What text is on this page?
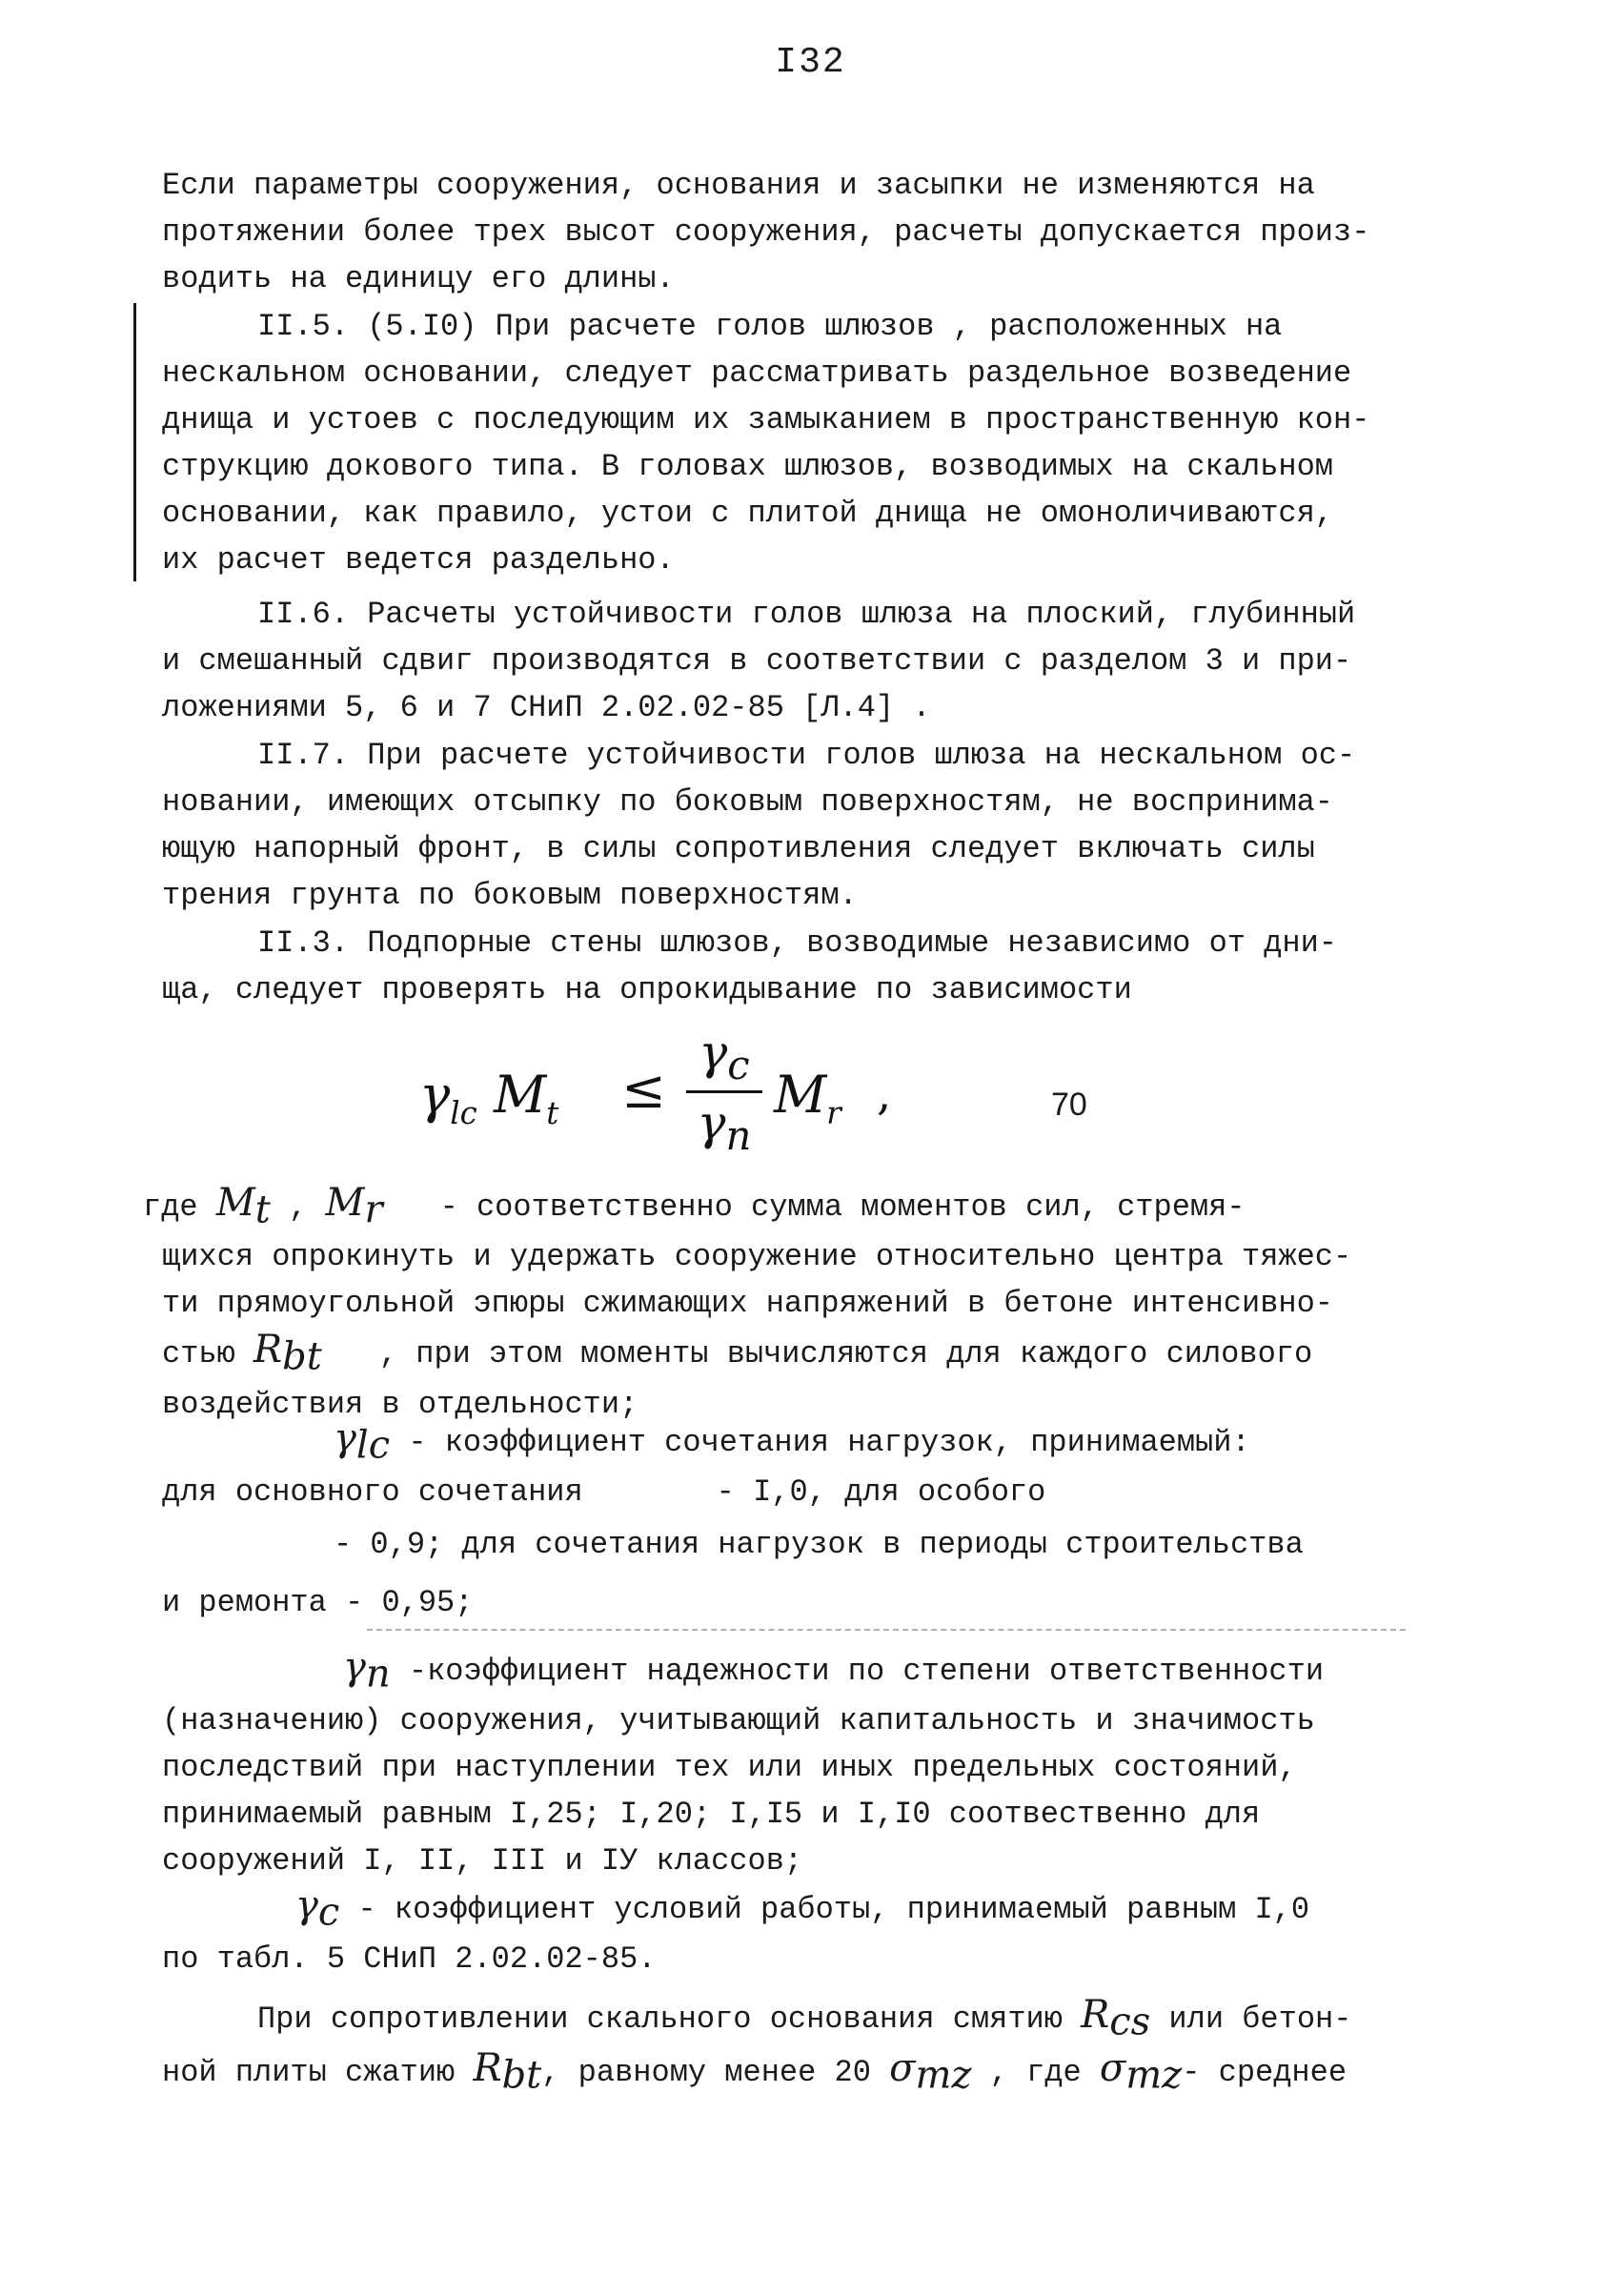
I32
Если параметры сооружения, основания и засыпки не изменяются на
протяжении более трех высот сооружения, расчеты допускается произ-
водить на единицу его длины.
II.5. (5.I0) При расчете голов шлюзов , расположенных на
нескальном основании, следует рассматривать раздельное возведение
днища и устоев с последующим их замыканием в пространственную кон-
струкцию докового типа. В головах шлюзов, возводимых на скальном
основании, как правило, устои с плитой днища не омоноличиваются,
их расчет ведется раздельно.
II.6. Расчеты устойчивости голов шлюза на плоский, глубинный
и смешанный сдвиг производятся в соответствии с разделом 3 и при-
ложениями 5, 6 и 7 СНиП 2.02.02-85 [Л.4] .
II.7. При расчете устойчивости голов шлюза на нескальном ос-
новании, имеющих отсыпку по боковым поверхностям, не воспринима-
ющую напорный фронт, в силы сопротивления следует включать силы
трения грунта по боковым поверхностям.
II.3. Подпорные стены шлюзов, возводимые независимо от дни-
ща, следует проверять на опрокидывание по зависимости
$\gamma_{lc}$ $M_t \le \frac{\gamma_c}{\gamma_n} M_r$ ,	70
где $M_t$ , $M_r$ - соответственно сумма моментов сил, стремя-
щихся опрокинуть и удержать сооружение относительно центра тяжес-
ти прямоугольной эпюры сжимающих напряжений в бетоне интенсивно-
стью $R_{bt}$ , при этом моменты вычисляются для каждого силового
воздействия в отдельности;
$\gamma_{lc}$ - коэффициент сочетания нагрузок, принимаемый:
для основного сочетания	- I,0, для особого
- 0,9; для сочетания нагрузок в периоды строительства
и ремонта - 0,95;
$\gamma_n$ -коэффициент надежности по степени ответственности
(назначению) сооружения, учитывающий капитальность и значимость
последствий при наступлении тех или иных предельных состояний,
принимаемый равным I,25; I,20; I,I5 и I,I0 соотвественно для
сооружений I, II, III и IУ классов;
$\gamma_c$ - коэффициент условий работы, принимаемый равным I,0
по табл. 5 СНиП 2.02.02-85.
При сопротивлении скального основания смятию $R_{cs}$ или бетон-
ной плиты сжатию $R_{bt}$, равному менее 20 $\sigma_{mz}$ , где $\sigma_{mz}-$ среднее
